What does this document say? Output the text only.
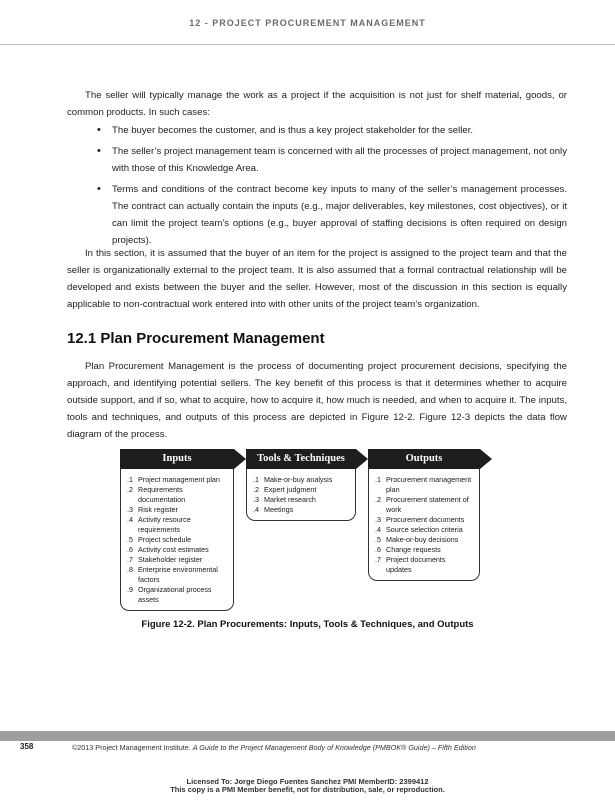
12 - PROJECT PROCUREMENT MANAGEMENT

The seller will typically manage the work as a project if the acquisition is not just for shelf material, goods, or common products. In such cases:

• The buyer becomes the customer, and is thus a key project stakeholder for the seller.
• The seller’s project management team is concerned with all the processes of project management, not only with those of this Knowledge Area.
• Terms and conditions of the contract become key inputs to many of the seller’s management processes. The contract can actually contain the inputs (e.g., major deliverables, key milestones, cost objectives), or it can limit the project team’s options (e.g., buyer approval of staffing decisions is often required on design projects).

In this section, it is assumed that the buyer of an item for the project is assigned to the project team and that the seller is organizationally external to the project team. It is also assumed that a formal contractual relationship will be developed and exists between the buyer and the seller. However, most of the discussion in this section is equally applicable to non-contractual work entered into with other units of the project team’s organization.

12.1 Plan Procurement Management

Plan Procurement Management is the process of documenting project procurement decisions, specifying the approach, and identifying potential sellers. The key benefit of this process is that it determines whether to acquire outside support, and if so, what to acquire, how to acquire it, how much is needed, and when to acquire it. The inputs, tools and techniques, and outputs of this process are depicted in Figure 12-2. Figure 12-3 depicts the data flow diagram of the process.

Inputs
.1 Project management plan
.2 Requirements documentation
.3 Risk register
.4 Activity resource requirements
.5 Project schedule
.6 Activity cost estimates
.7 Stakeholder register
.8 Enterprise environmental factors
.9 Organizational process assets
Tools & Techniques
.1 Make-or-buy analysis
.2 Expert judgment
.3 Market research
.4 Meetings
Outputs
.1 Procurement management plan
.2 Procurement statement of work
.3 Procurement documents
.4 Source selection criteria
.5 Make-or-buy decisions
.6 Change requests
.7 Project documents updates
Figure 12-2. Plan Procurements: Inputs, Tools & Techniques, and Outputs
358	©2013 Project Management Institute. A Guide to the Project Management Body of Knowledge (PMBOK® Guide) – Fifth Edition
Licensed To: Jorge Diego Fuentes Sanchez PMI MemberID: 2399412
This copy is a PMI Member benefit, not for distribution, sale, or reproduction.
